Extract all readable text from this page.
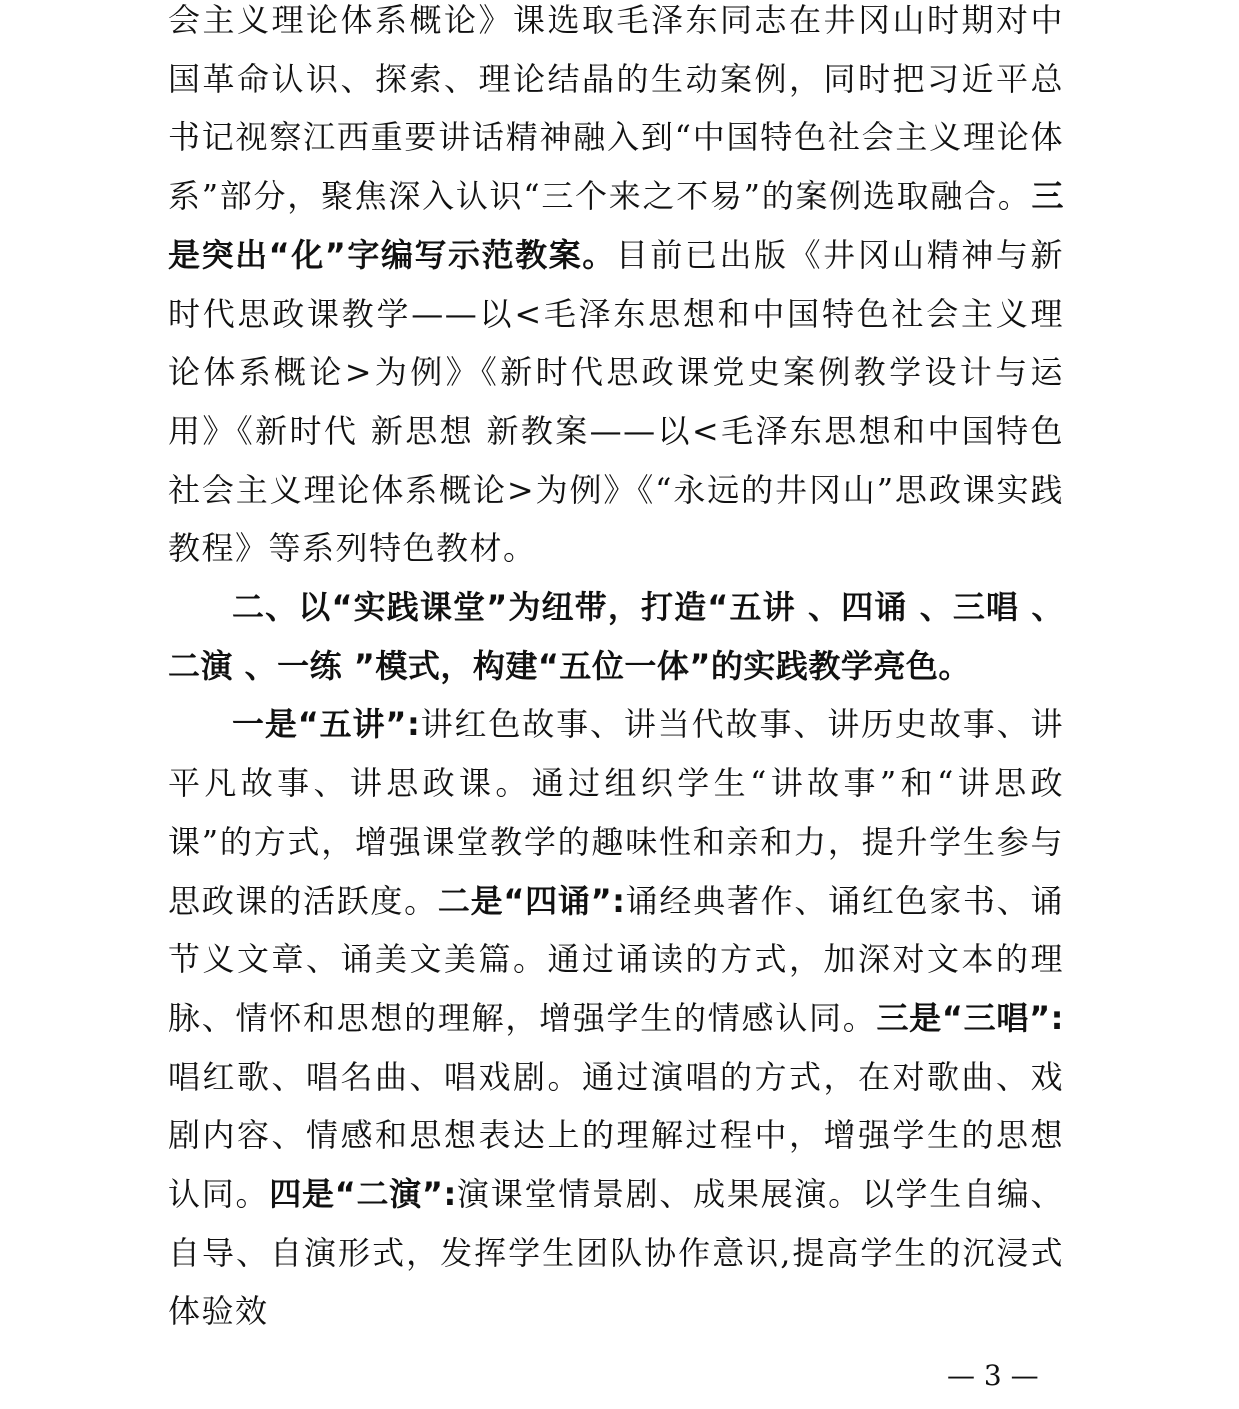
会主义理论体系概论》课选取毛泽东同志在井冈山时期对中国革命认识、探索、理论结晶的生动案例，同时把习近平总书记视察江西重要讲话精神融入到“中国特色社会主义理论体系”部分，聚焦深入认识“三个来之不易”的案例选取融合。三是突出“化”字编写示范教案。目前已出版《井冈山精神与新时代思政课教学——以<毛泽东思想和中国特色社会主义理论体系概论>为例》《新时代思政课党史案例教学设计与运用》《新时代 新思想 新教案——以<毛泽东思想和中国特色社会主义理论体系概论>为例》《“永远的井冈山”思政课实践教程》等系列特色教材。

二、以“实践课堂”为纽带，打造“五讲 、四诵 、三唱 、二演 、一练 ”模式，构建“五位一体”的实践教学亮色。

一是“五讲”:讲红色故事、讲当代故事、讲历史故事、讲平凡故事、讲思政课。通过组织学生“讲故事”和“讲思政课”的方式，增强课堂教学的趣味性和亲和力，提升学生参与思政课的活跃度。二是“四诵”:诵经典著作、诵红色家书、诵节义文章、诵美文美篇。通过诵读的方式，加深对文本的理脉、情怀和思想的理解，增强学生的情感认同。三是“三唱”:唱红歌、唱名曲、唱戏剧。通过演唱的方式，在对歌曲、戏剧内容、情感和思想表达上的理解过程中，增强学生的思想认同。四是“二演”:演课堂情景剧、成果展演。以学生自编、自导、自演形式，发挥学生团队协作意识,提高学生的沉浸式体验效

— 3 —
